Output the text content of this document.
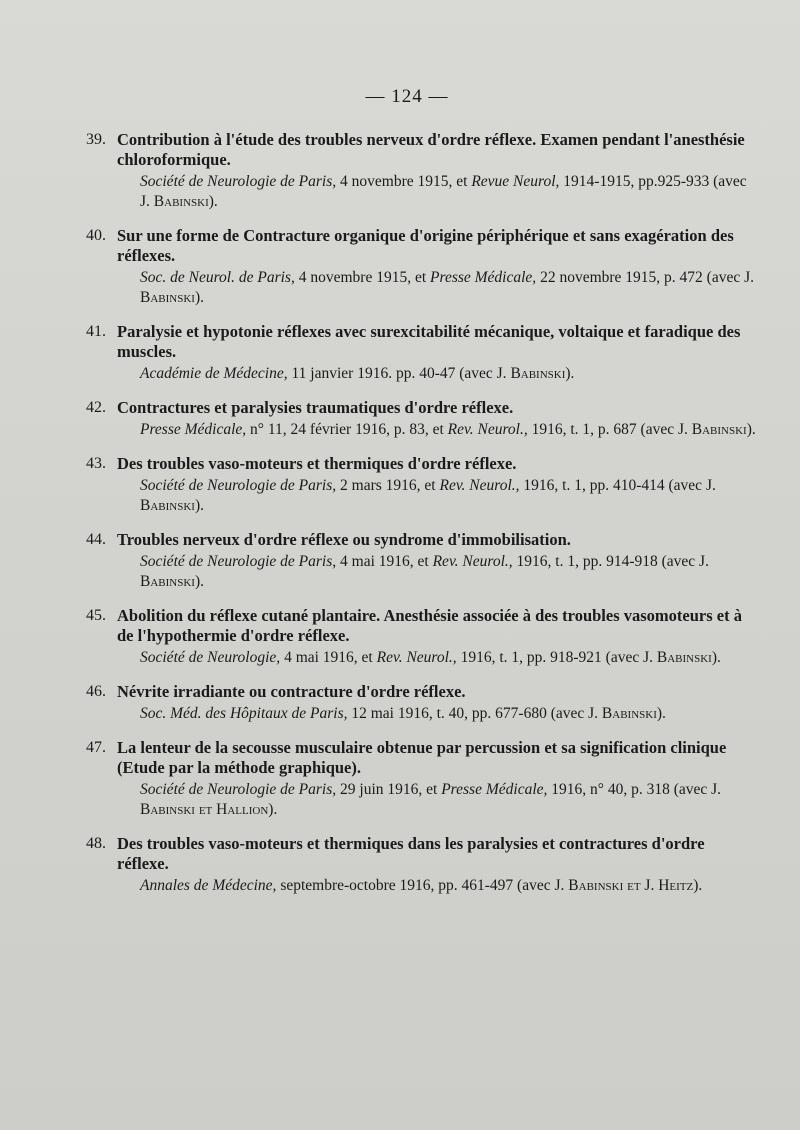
— 124 —
39. Contribution à l'étude des troubles nerveux d'ordre réflexe. Examen pendant l'anesthésie chloroformique.

Société de Neurologie de Paris, 4 novembre 1915, et Revue Neurol, 1914-1915, pp.925-933 (avec J. Babinski).

40. Sur une forme de Contracture organique d'origine périphérique et sans exagération des réflexes.

Soc. de Neurol. de Paris, 4 novembre 1915, et Presse Médicale, 22 novembre 1915, p. 472 (avec J. Babinski).

41. Paralysie et hypotonie réflexes avec surexcitabilité mécanique, voltaique et faradique des muscles.

Académie de Médecine, 11 janvier 1916. pp. 40-47 (avec J. Babinski).

42. Contractures et paralysies traumatiques d'ordre réflexe.

Presse Médicale, n° 11, 24 février 1916, p. 83, et Rev. Neurol., 1916, t. 1, p. 687 (avec J. Babinski).

43. Des troubles vaso-moteurs et thermiques d'ordre réflexe.

Société de Neurologie de Paris, 2 mars 1916, et Rev. Neurol., 1916, t. 1, pp. 410-414 (avec J. Babinski).

44. Troubles nerveux d'ordre réflexe ou syndrome d'immobilisation.

Société de Neurologie de Paris, 4 mai 1916, et Rev. Neurol., 1916, t. 1, pp. 914-918 (avec J. Babinski).

45. Abolition du réflexe cutané plantaire. Anesthésie associée à des troubles vasomoteurs et à de l'hypothermie d'ordre réflexe.

Société de Neurologie, 4 mai 1916, et Rev. Neurol., 1916, t. 1, pp. 918-921 (avec J. Babinski).

46. Névrite irradiante ou contracture d'ordre réflexe.

Soc. Méd. des Hôpitaux de Paris, 12 mai 1916, t. 40, pp. 677-680 (avec J. Babinski).

47. La lenteur de la secousse musculaire obtenue par percussion et sa signification clinique (Etude par la méthode graphique).

Société de Neurologie de Paris, 29 juin 1916, et Presse Médicale, 1916, n° 40, p. 318 (avec J. Babinski et Hallion).

48. Des troubles vaso-moteurs et thermiques dans les paralysies et contractures d'ordre réflexe.

Annales de Médecine, septembre-octobre 1916, pp. 461-497 (avec J. Babinski et J. Heitz).
